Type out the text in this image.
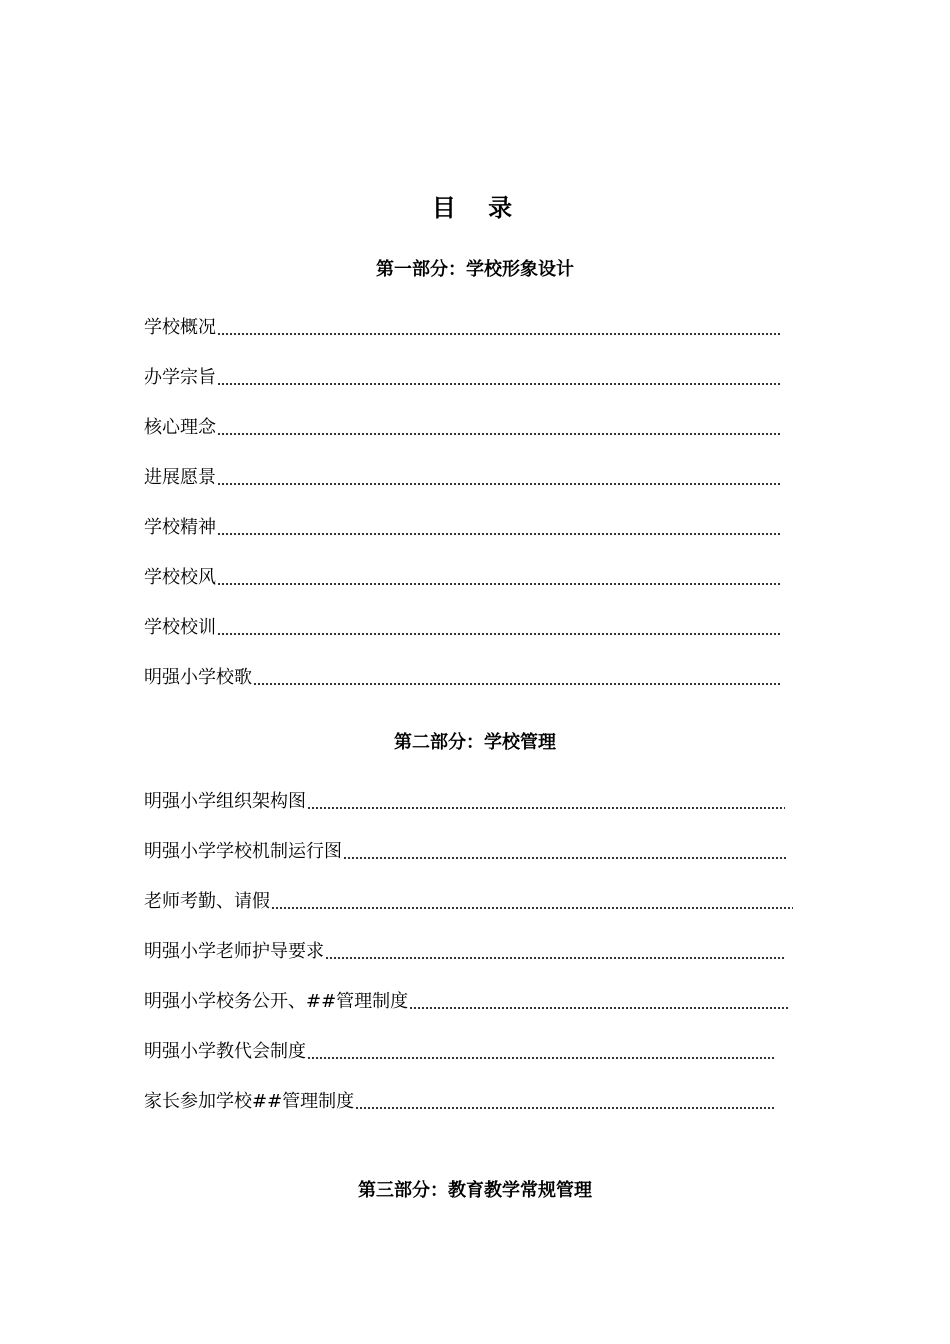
目 录
第一部分：学校形象设计
学校概况
办学宗旨
核心理念
进展愿景
学校精神
学校校风
学校校训
明强小学校歌
第二部分：学校管理
明强小学组织架构图
明强小学学校机制运行图
老师考勤、请假
明强小学老师护导要求
明强小学校务公开、##管理制度
明强小学教代会制度
家长参加学校##管理制度
第三部分：教育教学常规管理
